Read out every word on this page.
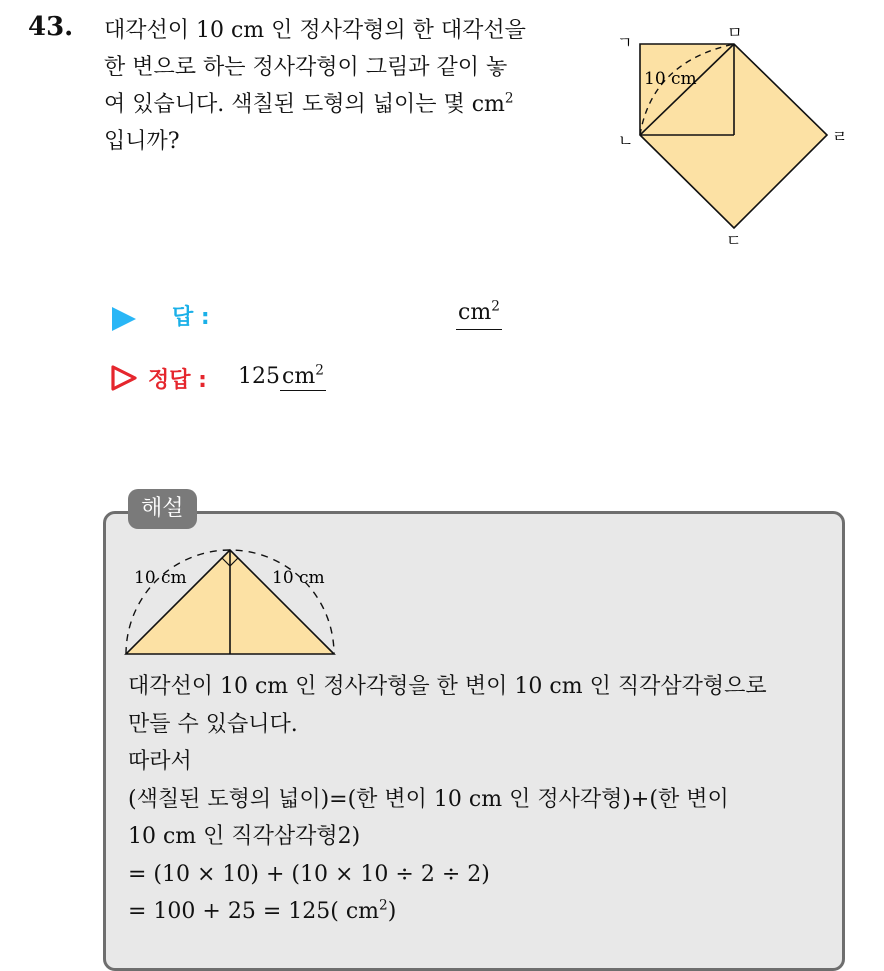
43. 대각선이 10 cm 인 정사각형의 한 대각선을
한 변으로 하는 정사각형이 그림과 같이 놓
여 있습니다. 색칠된 도형의 넓이는 몇 $cm^2$
입니까?

10 cm
ㄱ
ㅁ
ㄴ	ㄹ
ㄷ
답 :	$cm^2$
정답 : $125cm^2$
해설
10 cm	10 cm

대각선이 10 cm 인 정사각형을 한 변이 10 cm 인 직각삼각형으로
만들 수 있습니다.
따라서
(색칠된 도형의 넓이)=(한 변이 10 cm 인 정사각형)+(한 변이
10 cm 인 직각삼각형2)
= (10 × 10) + (10 × 10 ÷ 2 ÷ 2)
= 100 + 25 = 125( $cm^2$)
